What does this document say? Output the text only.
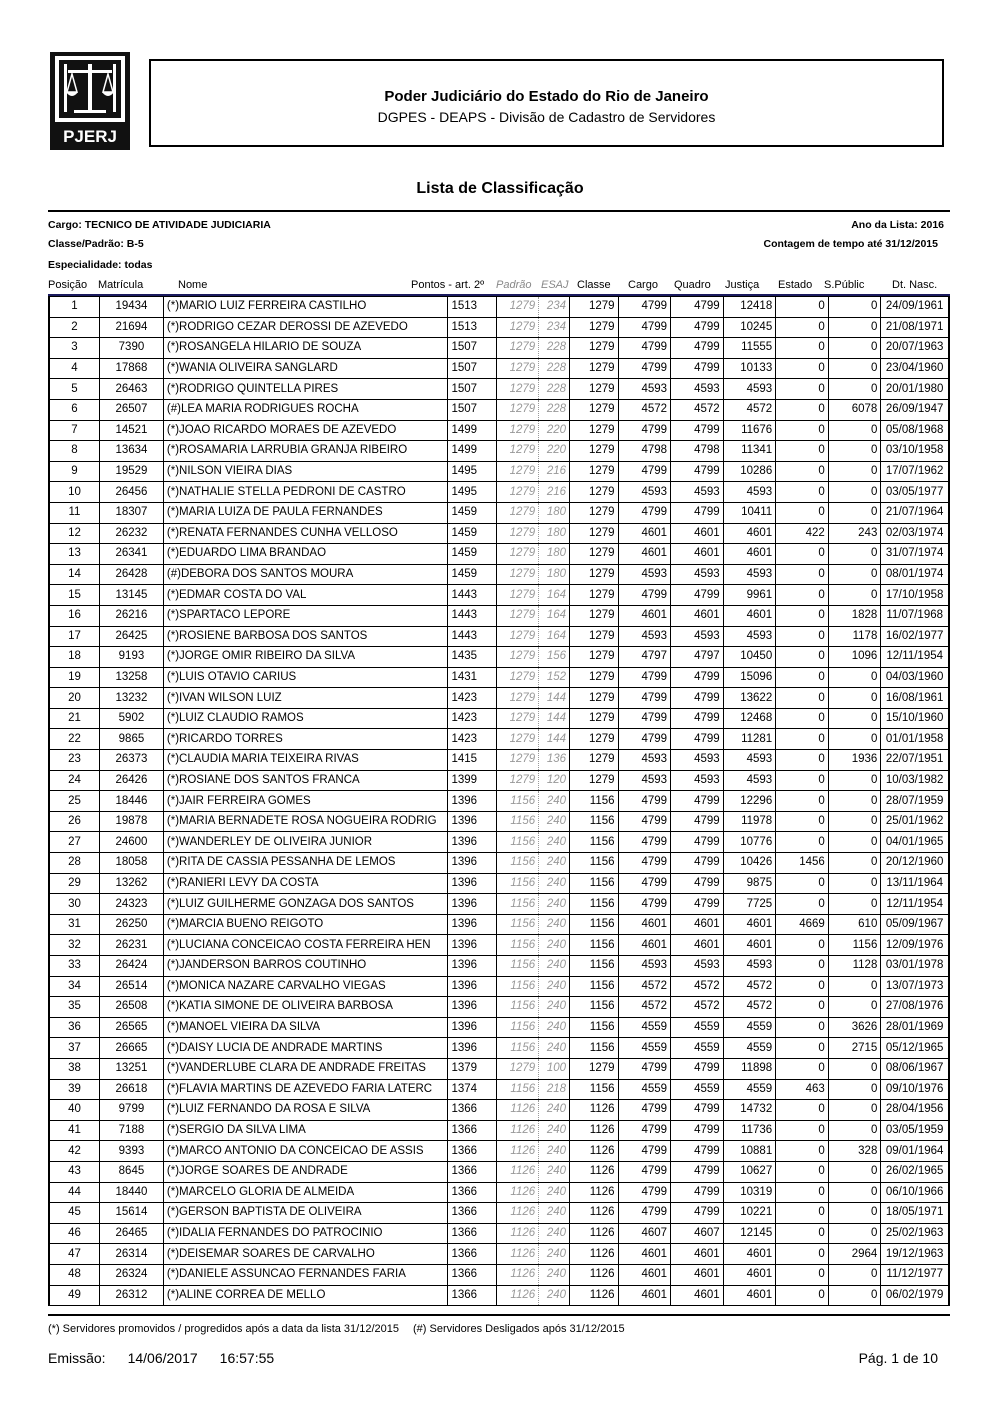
PJERJ
Poder Judiciário do Estado do Rio de Janeiro
DGPES - DEAPS - Divisão de Cadastro de Servidores
Lista de Classificação
Cargo: TECNICO DE ATIVIDADE JUDICIARIA	Ano da Lista: 2016
Classe/Padrão: B-5	Contagem de tempo até 31/12/2015
Especialidade: todas
Posição Matrícula	Nome	Pontos - art. 2º Padrão ESAJ Classe Cargo Quadro Justiça Estado S.Públic	Dt. Nasc.
1	19434	(*)MARIO LUIZ FERREIRA CASTILHO	1513	1279	234	1279	4799	4799	12418	0	0	24/09/1961
2	21694	(*)RODRIGO CEZAR DEROSSI DE AZEVEDO	1513	1279	234	1279	4799	4799	10245	0	0	21/08/1971
3	7390	(*)ROSANGELA HILARIO DE SOUZA	1507	1279	228	1279	4799	4799	11555	0	0	20/07/1963
4	17868	(*)WANIA OLIVEIRA SANGLARD	1507	1279	228	1279	4799	4799	10133	0	0	23/04/1960
5	26463	(*)RODRIGO QUINTELLA PIRES	1507	1279	228	1279	4593	4593	4593	0	0	20/01/1980
6	26507	(#)LEA MARIA RODRIGUES ROCHA	1507	1279	228	1279	4572	4572	4572	0	6078	26/09/1947
7	14521	(*)JOAO RICARDO MORAES DE AZEVEDO	1499	1279	220	1279	4799	4799	11676	0	0	05/08/1968
8	13634	(*)ROSAMARIA LARRUBIA GRANJA RIBEIRO	1499	1279	220	1279	4798	4798	11341	0	0	03/10/1958
9	19529	(*)NILSON VIEIRA DIAS	1495	1279	216	1279	4799	4799	10286	0	0	17/07/1962
10	26456	(*)NATHALIE STELLA PEDRONI DE CASTRO	1495	1279	216	1279	4593	4593	4593	0	0	03/05/1977
11	18307	(*)MARIA LUIZA DE PAULA FERNANDES	1459	1279	180	1279	4799	4799	10411	0	0	21/07/1964
12	26232	(*)RENATA FERNANDES CUNHA VELLOSO	1459	1279	180	1279	4601	4601	4601	422	243	02/03/1974
13	26341	(*)EDUARDO LIMA BRANDAO	1459	1279	180	1279	4601	4601	4601	0	0	31/07/1974
14	26428	(#)DEBORA DOS SANTOS MOURA	1459	1279	180	1279	4593	4593	4593	0	0	08/01/1974
15	13145	(*)EDMAR COSTA DO VAL	1443	1279	164	1279	4799	4799	9961	0	0	17/10/1958
16	26216	(*)SPARTACO LEPORE	1443	1279	164	1279	4601	4601	4601	0	1828	11/07/1968
17	26425	(*)ROSIENE BARBOSA DOS SANTOS	1443	1279	164	1279	4593	4593	4593	0	1178	16/02/1977
18	9193	(*)JORGE OMIR RIBEIRO DA SILVA	1435	1279	156	1279	4797	4797	10450	0	1096	12/11/1954
19	13258	(*)LUIS OTAVIO CARIUS	1431	1279	152	1279	4799	4799	15096	0	0	04/03/1960
20	13232	(*)IVAN WILSON LUIZ	1423	1279	144	1279	4799	4799	13622	0	0	16/08/1961
21	5902	(*)LUIZ CLAUDIO RAMOS	1423	1279	144	1279	4799	4799	12468	0	0	15/10/1960
22	9865	(*)RICARDO TORRES	1423	1279	144	1279	4799	4799	11281	0	0	01/01/1958
23	26373	(*)CLAUDIA MARIA TEIXEIRA RIVAS	1415	1279	136	1279	4593	4593	4593	0	1936	22/07/1951
24	26426	(*)ROSIANE DOS SANTOS FRANCA	1399	1279	120	1279	4593	4593	4593	0	0	10/03/1982
25	18446	(*)JAIR FERREIRA GOMES	1396	1156	240	1156	4799	4799	12296	0	0	28/07/1959
26	19878	(*)MARIA BERNADETE ROSA NOGUEIRA RODRIG	1396	1156	240	1156	4799	4799	11978	0	0	25/01/1962
27	24600	(*)WANDERLEY DE OLIVEIRA JUNIOR	1396	1156	240	1156	4799	4799	10776	0	0	04/01/1965
28	18058	(*)RITA DE CASSIA PESSANHA DE LEMOS	1396	1156	240	1156	4799	4799	10426	1456	0	20/12/1960
29	13262	(*)RANIERI LEVY DA COSTA	1396	1156	240	1156	4799	4799	9875	0	0	13/11/1964
30	24323	(*)LUIZ GUILHERME GONZAGA DOS SANTOS	1396	1156	240	1156	4799	4799	7725	0	0	12/11/1954
31	26250	(*)MARCIA BUENO REIGOTO	1396	1156	240	1156	4601	4601	4601	4669	610	05/09/1967
32	26231	(*)LUCIANA CONCEICAO COSTA FERREIRA HEN	1396	1156	240	1156	4601	4601	4601	0	1156	12/09/1976
33	26424	(*)JANDERSON BARROS COUTINHO	1396	1156	240	1156	4593	4593	4593	0	1128	03/01/1978
34	26514	(*)MONICA NAZARE CARVALHO VIEGAS	1396	1156	240	1156	4572	4572	4572	0	0	13/07/1973
35	26508	(*)KATIA SIMONE DE OLIVEIRA BARBOSA	1396	1156	240	1156	4572	4572	4572	0	0	27/08/1976
36	26565	(*)MANOEL VIEIRA DA SILVA	1396	1156	240	1156	4559	4559	4559	0	3626	28/01/1969
37	26665	(*)DAISY LUCIA DE ANDRADE MARTINS	1396	1156	240	1156	4559	4559	4559	0	2715	05/12/1965
38	13251	(*)VANDERLUBE CLARA DE ANDRADE FREITAS	1379	1279	100	1279	4799	4799	11898	0	0	08/06/1967
39	26618	(*)FLAVIA MARTINS DE AZEVEDO FARIA LATERC	1374	1156	218	1156	4559	4559	4559	463	0	09/10/1976
40	9799	(*)LUIZ FERNANDO DA ROSA E SILVA	1366	1126	240	1126	4799	4799	14732	0	0	28/04/1956
41	7188	(*)SERGIO DA SILVA LIMA	1366	1126	240	1126	4799	4799	11736	0	0	03/05/1959
42	9393	(*)MARCO ANTONIO DA CONCEICAO DE ASSIS	1366	1126	240	1126	4799	4799	10881	0	328	09/01/1964
43	8645	(*)JORGE SOARES DE ANDRADE	1366	1126	240	1126	4799	4799	10627	0	0	26/02/1965
44	18440	(*)MARCELO GLORIA DE ALMEIDA	1366	1126	240	1126	4799	4799	10319	0	0	06/10/1966
45	15614	(*)GERSON BAPTISTA DE OLIVEIRA	1366	1126	240	1126	4799	4799	10221	0	0	18/05/1971
46	26465	(*)IDALIA FERNANDES DO PATROCINIO	1366	1126	240	1126	4607	4607	12145	0	0	25/02/1963
47	26314	(*)DEISEMAR SOARES DE CARVALHO	1366	1126	240	1126	4601	4601	4601	0	2964	19/12/1963
48	26324	(*)DANIELE ASSUNCAO FERNANDES FARIA	1366	1126	240	1126	4601	4601	4601	0	0	11/12/1977
49	26312	(*)ALINE CORREA DE MELLO	1366	1126	240	1126	4601	4601	4601	0	0	06/02/1979
(*) Servidores promovidos / progredidos após a data da lista 31/12/2015 (#) Servidores Desligados após 31/12/2015
Emissão: 14/06/2017 16:57:55	Pág. 1 de 10
